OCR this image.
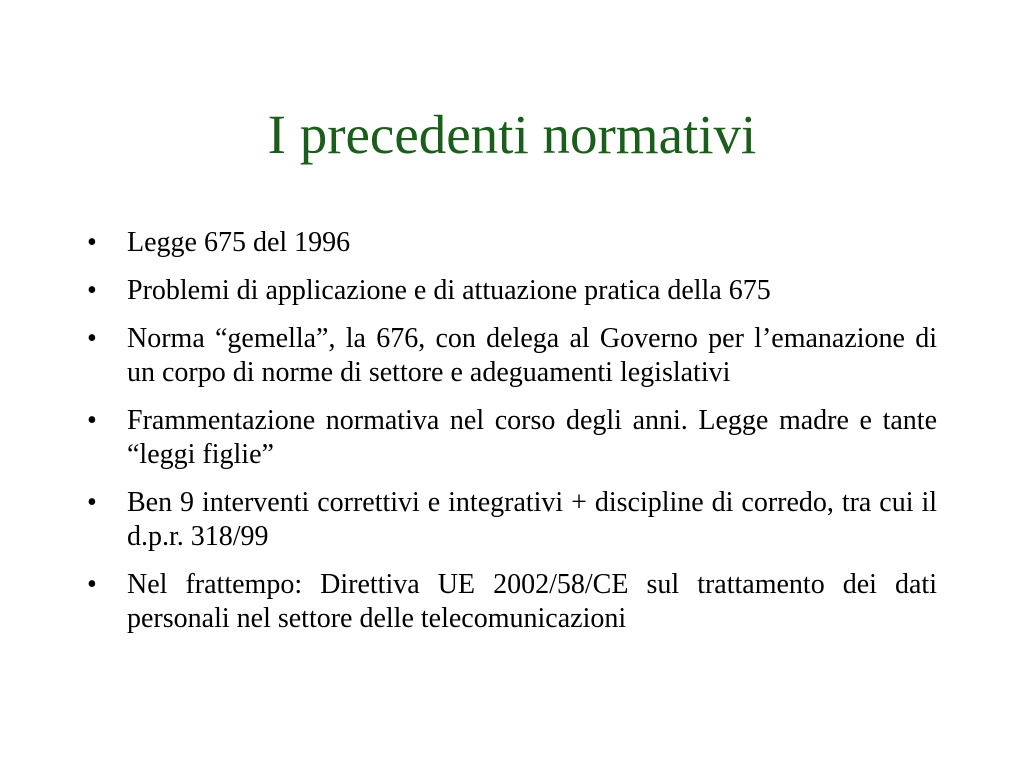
I precedenti normativi
• Legge 675 del 1996
• Problemi di applicazione e di attuazione pratica della 675
• Norma “gemella”, la 676, con delega al Governo per l’emanazione di un corpo di norme di settore e adeguamenti legislativi
• Frammentazione normativa nel corso degli anni. Legge madre e tante “leggi figlie”
• Ben 9 interventi correttivi e integrativi + discipline di corredo, tra cui il d.p.r. 318/99
• Nel frattempo: Direttiva UE 2002/58/CE sul trattamento dei dati personali nel settore delle telecomunicazioni
